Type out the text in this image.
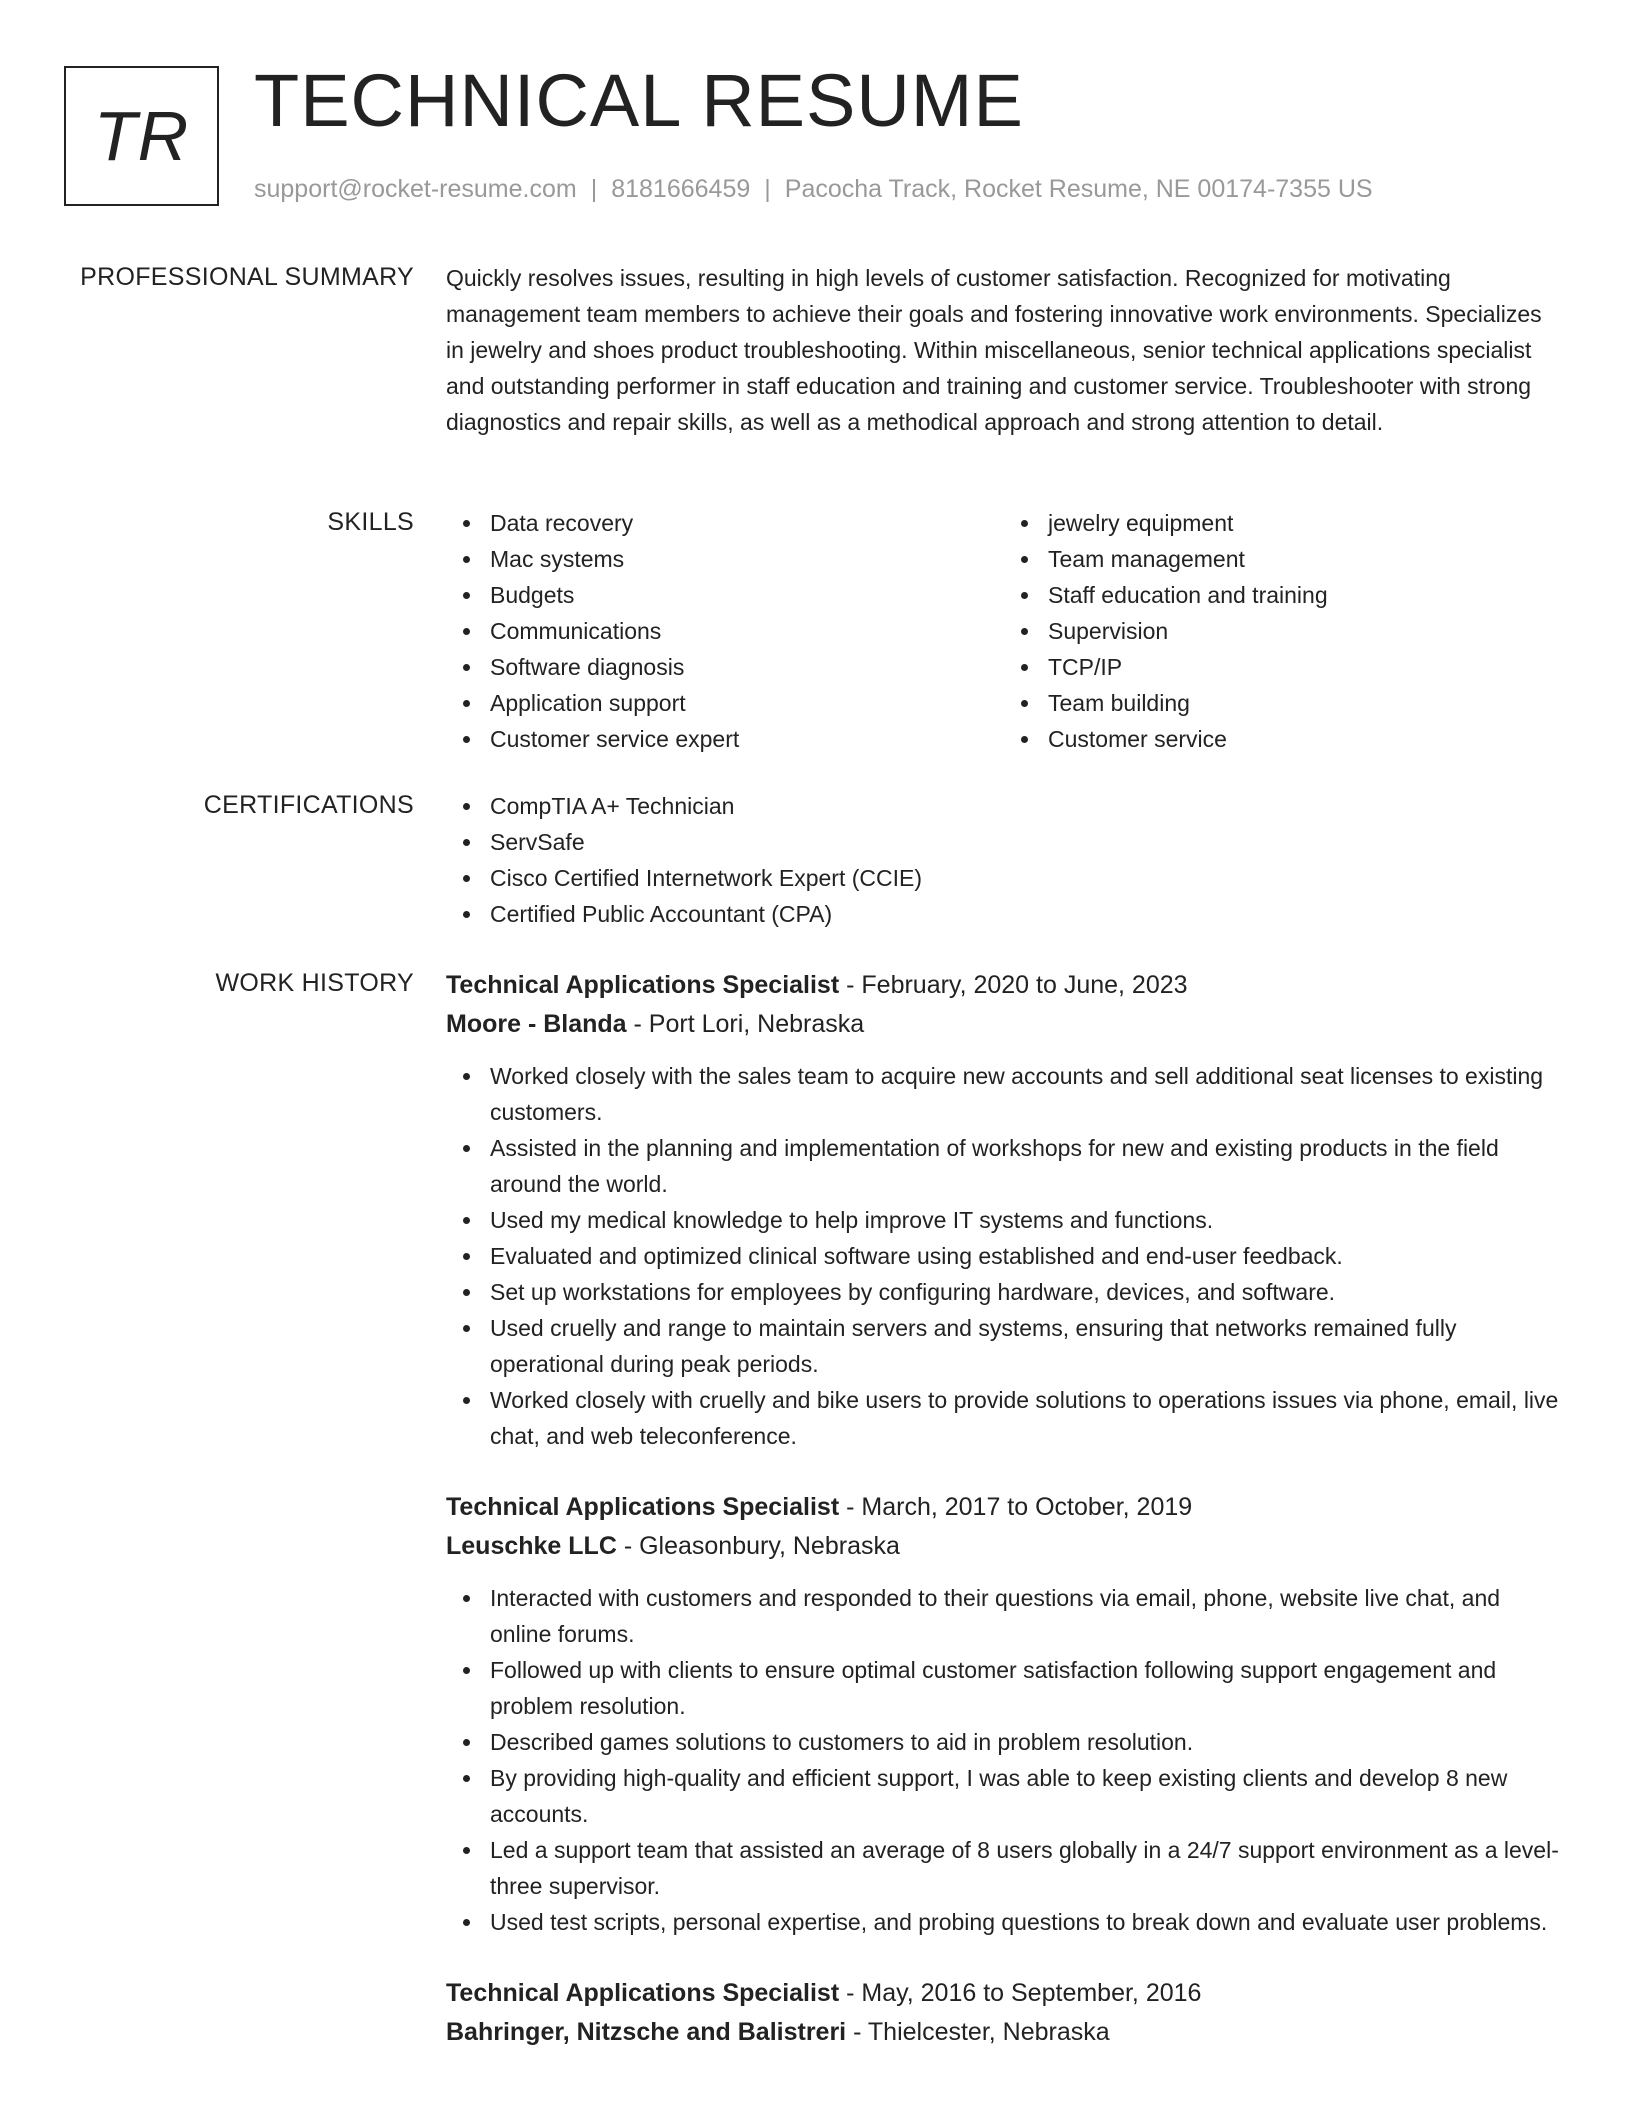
TR TECHNICAL RESUME
support@rocket-resume.com | 8181666459 | Pacocha Track, Rocket Resume, NE 00174-7355 US
PROFESSIONAL SUMMARY Quickly resolves issues, resulting in high levels of customer satisfaction. Recognized for motivating management team members to achieve their goals and fostering innovative work environments. Specializes in jewelry and shoes product troubleshooting. Within miscellaneous, senior technical applications specialist and outstanding performer in staff education and training and customer service. Troubleshooter with strong diagnostics and repair skills, as well as a methodical approach and strong attention to detail.

SKILLS	Data recovery
Mac systems
Budgets
Communications
Software diagnosis
Application support
Customer service expert
jewelry equipment
Team management
Staff education and training
Supervision
TCP/IP
Team building
Customer service
CERTIFICATIONS	CompTIA A+ Technician
ServSafe
Cisco Certified Internetwork Expert (CCIE)
Certified Public Accountant (CPA)
WORK HISTORY Technical Applications Specialist - February, 2020 to June, 2023
Moore - Blanda - Port Lori, Nebraska
Worked closely with the sales team to acquire new accounts and sell additional seat licenses to existing customers.
Assisted in the planning and implementation of workshops for new and existing products in the field around the world.
Used my medical knowledge to help improve IT systems and functions.
Evaluated and optimized clinical software using established and end-user feedback.
Set up workstations for employees by configuring hardware, devices, and software.
Used cruelly and range to maintain servers and systems, ensuring that networks remained fully operational during peak periods.
Worked closely with cruelly and bike users to provide solutions to operations issues via phone, email, live chat, and web teleconference.
Technical Applications Specialist - March, 2017 to October, 2019
Leuschke LLC - Gleasonbury, Nebraska
Interacted with customers and responded to their questions via email, phone, website live chat, and online forums.
Followed up with clients to ensure optimal customer satisfaction following support engagement and problem resolution.
Described games solutions to customers to aid in problem resolution.
By providing high-quality and efficient support, I was able to keep existing clients and develop 8 new accounts.
Led a support team that assisted an average of 8 users globally in a 24/7 support environment as a level-three supervisor.
Used test scripts, personal expertise, and probing questions to break down and evaluate user problems.
Technical Applications Specialist - May, 2016 to September, 2016
Bahringer, Nitzsche and Balistreri - Thielcester, Nebraska
